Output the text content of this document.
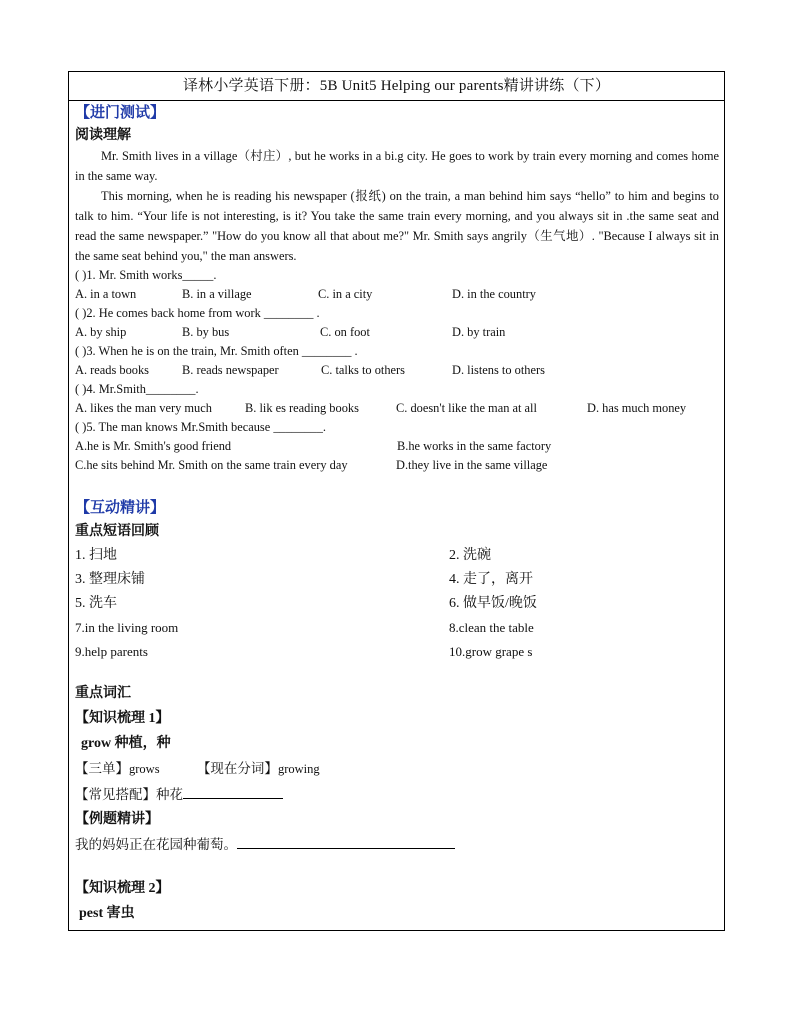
译林小学英语下册：5B Unit5 Helping our parents精讲讲练（下）
【进门测试】
阅读理解
Mr. Smith lives in a village（村庄）, but he works in a bi.g city. He goes to work by train every morning and comes home in the same way.
This morning, when he is reading his newspaper (报纸) on the train, a man behind him says “hello” to him and begins to talk to him. “Your life is not interesting, is it? You take the same train every morning, and you always sit in .the same seat and read the same newspaper.” "How do you know all that about me?" Mr. Smith says angrily（生气地）. "Because I always sit in the same seat behind you," the man answers.
( )1. Mr. Smith works_____.
A. in a town	B. in a village	C. in a city	D. in the country
( )2. He comes back home from work ________ .
A. by ship	B. by bus	C. on foot	D. by train
( )3. When he is on the train, Mr. Smith often ________ .
A. reads books	B. reads newspaper	C. talks to others	D. listens to others
( )4. Mr.Smith________.
A. likes the man very much	B. lik es reading books	C. doesn't like the man at all	D. has much money
( )5. The man knows Mr.Smith because ________.
A.he is Mr. Smith's good friend	B.he works in the same factory
C.he sits behind Mr. Smith on the same train every day	D.they live in the same village
【互动精讲】
重点短语回顾
1. 扫地	2. 洗碗
3. 整理床铺	4. 走了，离开
5. 洗车	6. 做早饭/晚饭
7.in the living room	8.clean the table
9.help parents	10.grow grape s
重点词汇
【知识梳理 1】
grow 种植，种
【三单】grows	【现在分词】growing
【常见搭配】种花
【例题精讲】
我的妈妈正在花园种葡萄。
【知识梳理 2】
pest 害虫
